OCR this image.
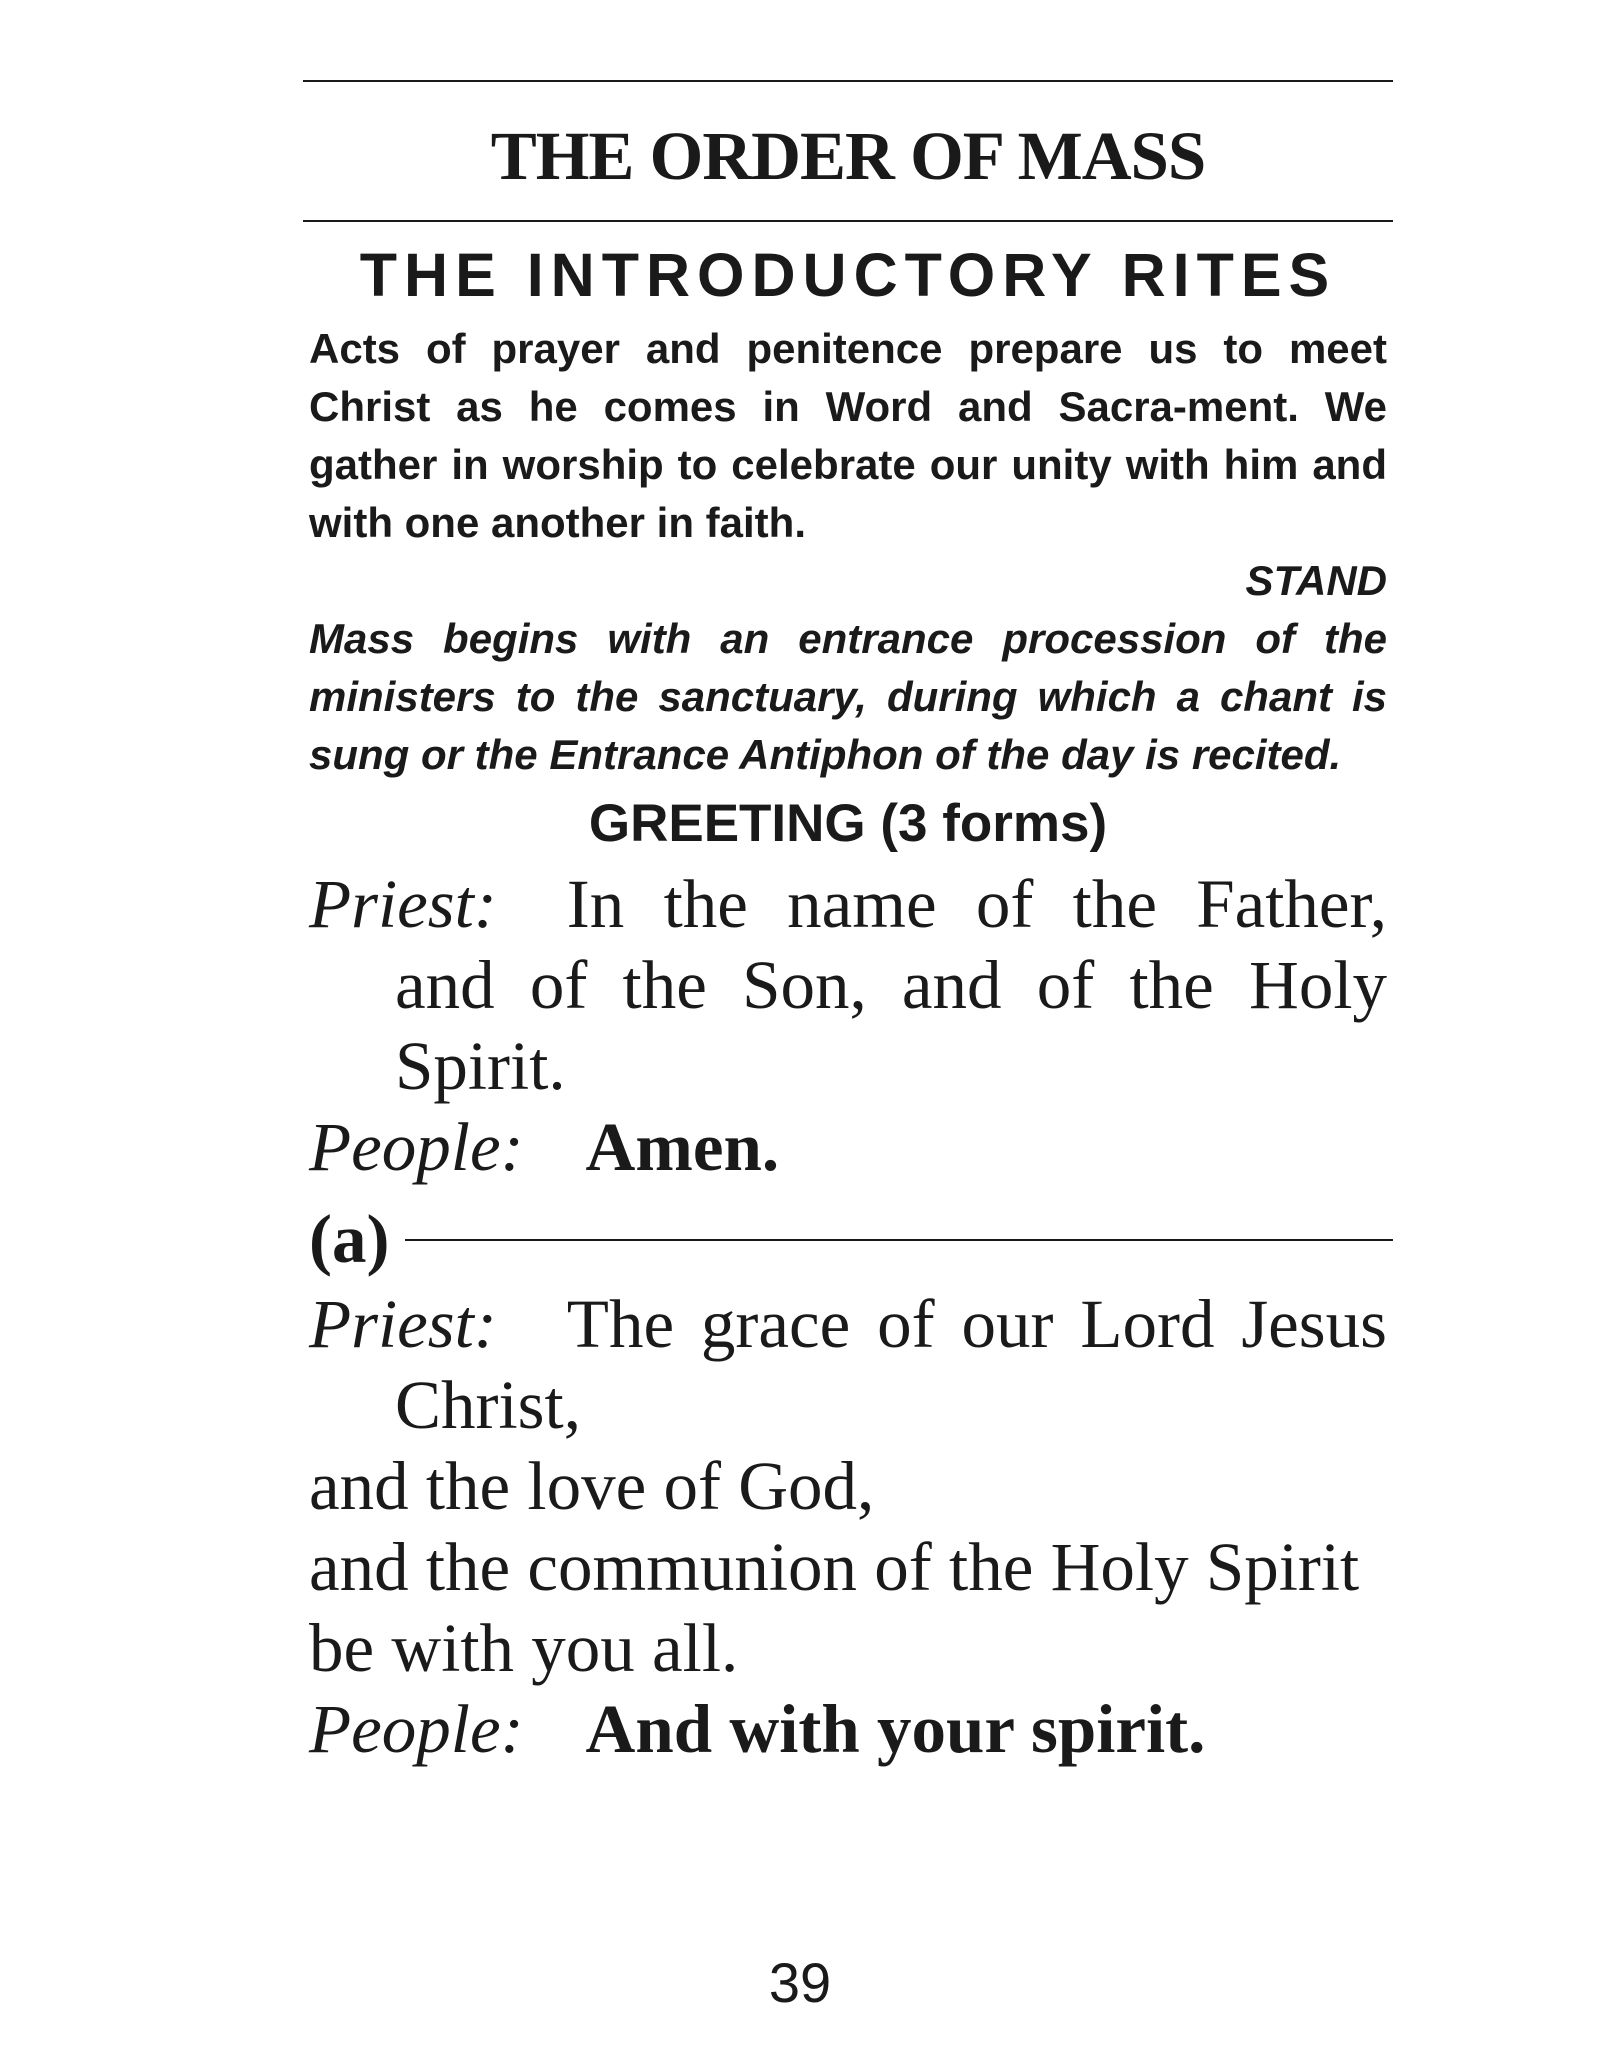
THE ORDER OF MASS
THE INTRODUCTORY RITES
Acts of prayer and penitence prepare us to meet Christ as he comes in Word and Sacra-ment. We gather in worship to celebrate our unity with him and with one another in faith.
STAND
Mass begins with an entrance procession of the ministers to the sanctuary, during which a chant is sung or the Entrance Antiphon of the day is recited.
GREETING (3 forms)
Priest: In the name of the Father, and of the Son, and of the Holy Spirit.
People: Amen.
(a)
Priest: The grace of our Lord Jesus Christ,
and the love of God,
and the communion of the Holy Spirit
be with you all.
People: And with your spirit.
39
